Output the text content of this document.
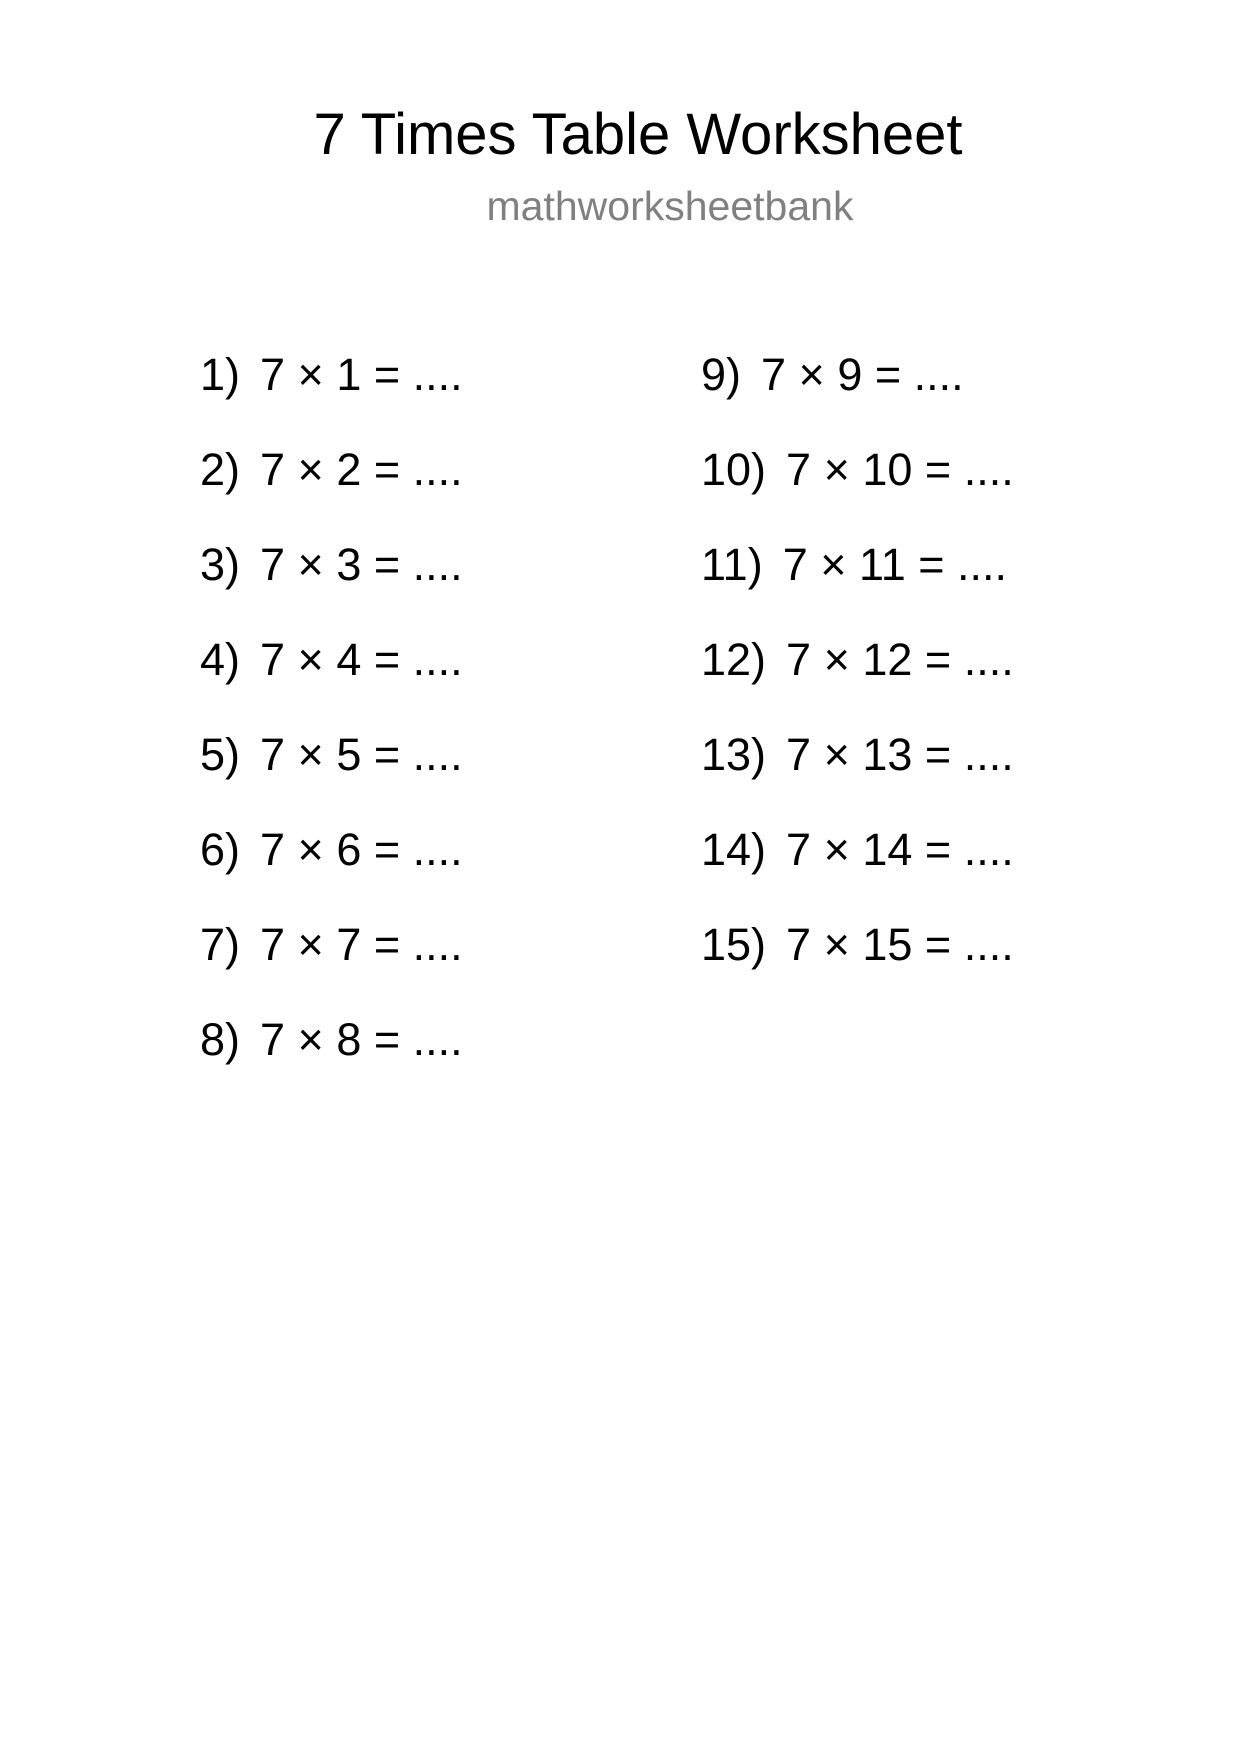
7 Times Table Worksheet
mathworksheetbank
1) 7 × 1 = ....
2) 7 × 2 = ....
3) 7 × 3 = ....
4) 7 × 4 = ....
5) 7 × 5 = ....
6) 7 × 6 = ....
7) 7 × 7 = ....
8) 7 × 8 = ....
9) 7 × 9 = ....
10) 7 × 10 = ....
11) 7 × 11 = ....
12) 7 × 12 = ....
13) 7 × 13 = ....
14) 7 × 14 = ....
15) 7 × 15 = ....
